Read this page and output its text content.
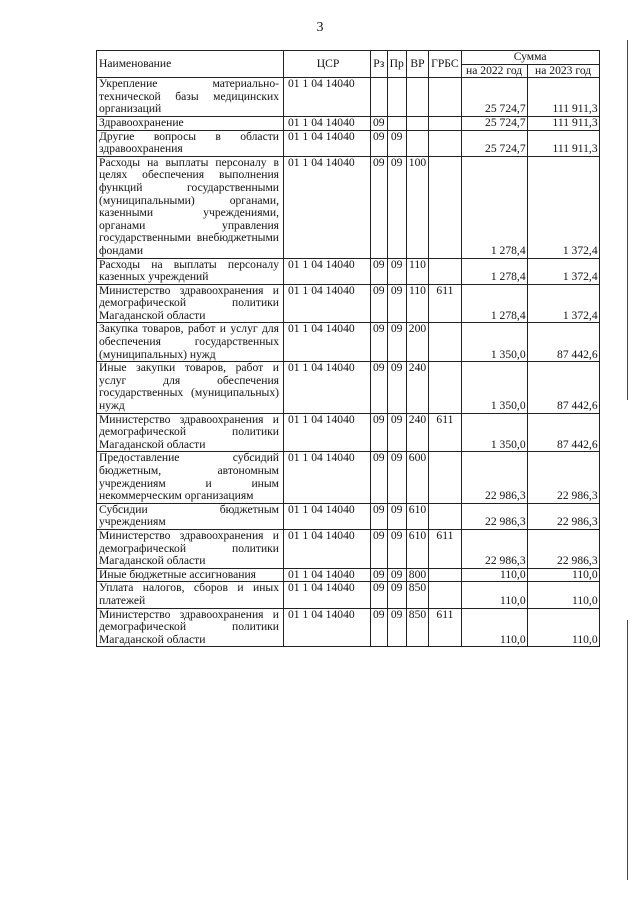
3
Наименование	ЦСР	Рз	Пр	ВР	ГРБС	Сумма	
						на 2022 год	на 2023 год
Укрепление материально-технической базы медицинских организаций	01 1 04 14040					25 724,7	111 911,3
Здравоохранение	01 1 04 14040	09				25 724,7	111 911,3
Другие вопросы в области здравоохранения	01 1 04 14040	09	09			25 724,7	111 911,3
Расходы на выплаты персоналу в целях обеспечения выполнения функций государственными (муниципальными) органами, казенными учреждениями, органами управления государственными внебюджетными фондами	01 1 04 14040	09	09	100		1 278,4	1 372,4
Расходы на выплаты персоналу казенных учреждений	01 1 04 14040	09	09	110		1 278,4	1 372,4
Министерство здравоохранения и демографической политики Магаданской области	01 1 04 14040	09	09	110	611	1 278,4	1 372,4
Закупка товаров, работ и услуг для обеспечения государственных (муниципальных) нужд	01 1 04 14040	09	09	200		1 350,0	87 442,6
Иные закупки товаров, работ и услуг для обеспечения государственных (муниципальных) нужд	01 1 04 14040	09	09	240		1 350,0	87 442,6
Министерство здравоохранения и демографической политики Магаданской области	01 1 04 14040	09	09	240	611	1 350,0	87 442,6
Предоставление субсидий бюджетным, автономным учреждениям и иным некоммерческим организациям	01 1 04 14040	09	09	600		22 986,3	22 986,3
Субсидии бюджетным учреждениям	01 1 04 14040	09	09	610		22 986,3	22 986,3
Министерство здравоохранения и демографической политики Магаданской области	01 1 04 14040	09	09	610	611	22 986,3	22 986,3
Иные бюджетные ассигнования	01 1 04 14040	09	09	800		110,0	110,0
Уплата налогов, сборов и иных платежей	01 1 04 14040	09	09	850		110,0	110,0
Министерство здравоохранения и демографической политики Магаданской области	01 1 04 14040	09	09	850	611	110,0	110,0
